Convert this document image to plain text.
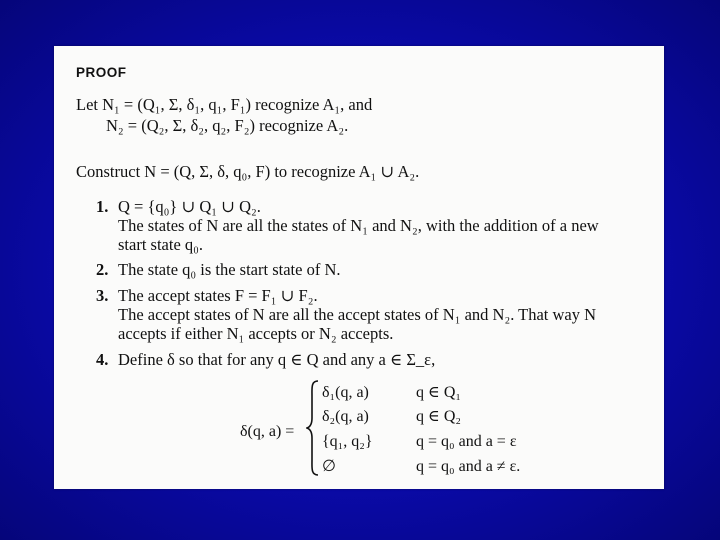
PROOF
Let N₁ = (Q₁, Σ, δ₁, q₁, F₁) recognize A₁, and
N₂ = (Q₂, Σ, δ₂, q₂, F₂) recognize A₂.
Construct N = (Q, Σ, δ, q₀, F) to recognize A₁ ∪ A₂.
1. Q = {q₀} ∪ Q₁ ∪ Q₂.
The states of N are all the states of N₁ and N₂, with the addition of a new
start state q₀.
2. The state q₀ is the start state of N.
3. The accept states F = F₁ ∪ F₂.
The accept states of N are all the accept states of N₁ and N₂. That way N
accepts if either N₁ accepts or N₂ accepts.
4. Define δ so that for any q ∈ Q and any a ∈ Σ_ε,
δ(q, a) =
δ₁(q, a)	q ∈ Q₁
δ₂(q, a)	q ∈ Q₂
{q₁, q₂}	q = q₀ and a = ε
∅	q = q₀ and a ≠ ε.
